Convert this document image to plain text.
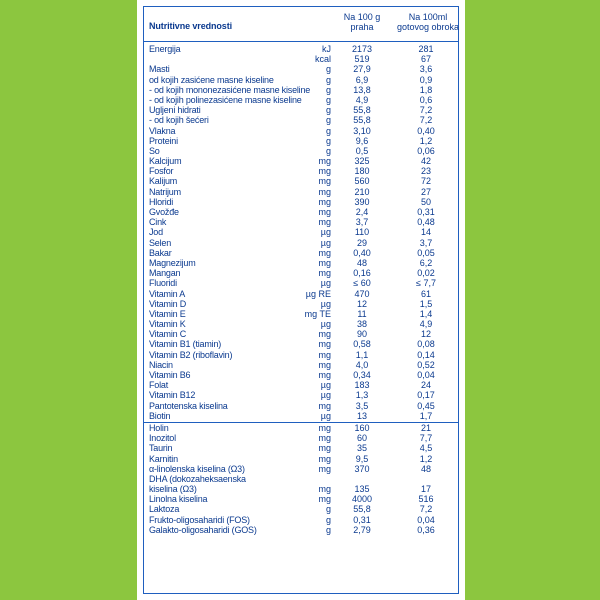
Nutritivne vrednosti
Na 100 g
praha
Na 100ml
gotovog obroka
Energija	kJ	2173	281
kcal	519	67
Masti	g	27,9	3,6
od kojih zasićene masne kiseline	g	6,9	0,9
- od kojih mononezasićene masne kiseline	g	13,8	1,8
- od kojih polinezasićene masne kiseline	g	4,9	0,6
Ugljeni hidrati	g	55,8	7,2
- od kojih šećeri	g	55,8	7,2
Vlakna	g	3,10	0,40
Proteini	g	9,6	1,2
So	g	0,5	0,06
Kalcijum	mg	325	42
Fosfor	mg	180	23
Kalijum	mg	560	72
Natrijum	mg	210	27
Hloridi	mg	390	50
Gvožđe	mg	2,4	0,31
Cink	mg	3,7	0,48
Jod	µg	110	14
Selen	µg	29	3,7
Bakar	mg	0,40	0,05
Magnezijum	mg	48	6,2
Mangan	mg	0,16	0,02
Fluoridi	µg	≤ 60	≤ 7,7
Vitamin A	µg RE	470	61
Vitamin D	µg	12	1,5
Vitamin E	mg TE	11	1,4
Vitamin K	µg	38	4,9
Vitamin C	mg	90	12
Vitamin B1 (tiamin)	mg	0,58	0,08
Vitamin B2 (riboflavin)	mg	1,1	0,14
Niacin	mg	4,0	0,52
Vitamin B6	mg	0,34	0,04
Folat	µg	183	24
Vitamin B12	µg	1,3	0,17
Pantotenska kiselina	mg	3,5	0,45
Biotin	µg	13	1,7
Holin	mg	160	21
Inozitol	mg	60	7,7
Taurin	mg	35	4,5
Karnitin	mg	9,5	1,2
α-linolenska kiselina (Ω3)	mg	370	48
DHA (dokozaheksaenska
kiselina (Ω3)	mg	135	17
Linolna kiselina	mg	4000	516
Laktoza	g	55,8	7,2
Frukto-oligosaharidi (FOS)	g	0,31	0,04
Galakto-oligosaharidi (GOS)	g	2,79	0,36
